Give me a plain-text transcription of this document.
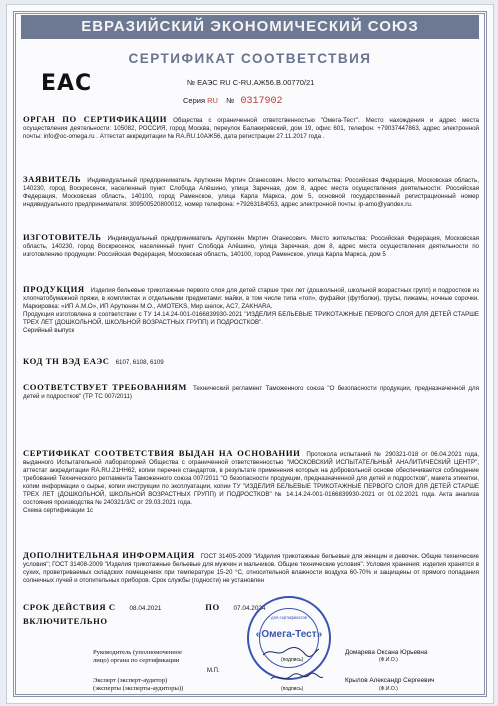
ЕВРАЗИЙСКИЙ ЭКОНОМИЧЕСКИЙ СОЮЗ
СЕРТИФИКАТ СООТВЕТСТВИЯ
EAC	№ ЕАЭС RU C-RU.АЖ56.В.00770/21
Серия RU № 0317902
ОРГАН ПО СЕРТИФИКАЦИИ Общества с ограниченной ответственностью "Омега-Тест". Место нахождения и адрес места осуществления деятельности: 105082, РОССИЯ, город Москва, переулок Балакиревский, дом 19, офис 601, телефон: +79037447863, адрес электронной почты: info@oc-omega.ru . Аттестат аккредитации № RA.RU.10АЖ56, дата регистрации 27.11.2017 года .
ЗАЯВИТЕЛЬ Индивидуальный предприниматель Арутюнян Мкртич Оганесович. Место жительства: Российская Федерация, Московская область, 140230, город Воскресенск, населенный пункт Слобода Алёшино, улица Заречная, дом 8, адрес места осуществления деятельности: Российская Федерация, Московская область, 140100, город Раменское, улица Карла Маркса, дом 5, основной государственный регистрационный номер индивидуального предпринимателя: 309500520800012, номер телефона: +79263184053, адрес электронной почты: ip-amo@yandex.ru.
ИЗГОТОВИТЕЛЬ Индивидуальный предприниматель Арутюнян Мкртич Оганесович. Место жительства: Российская Федерация, Московская область, 140230, город Воскресенск, населенный пункт Слобода Алёшино, улица Заречная, дом 8, адрес места осуществления деятельности по изготовлению продукции: Российская Федерация, Московская область, 140100, город Раменское, улица Карла Маркса, дом 5
ПРОДУКЦИЯ Изделия бельевые трикотажные первого слоя для детей старше трех лет (дошкольной, школьной возрастных групп) и подростков из хлопчатобумажной пряжи, в комплектах и отдельными предметами: майки, в том числе типа «топ», фуфайки (футболки), трусы, пижамы, ночные сорочки. Маркировка: «ИП А.М.О», ИП Арутюнян М.О., AMOTEKS, Мир шелок, AC7, ZAKHARA.
Продукция изготовлена в соответствии с ТУ 14.14.24-001-0166839930-2021 "ИЗДЕЛИЯ БЕЛЬЕВЫЕ ТРИКОТАЖНЫЕ ПЕРВОГО СЛОЯ ДЛЯ ДЕТЕЙ СТАРШЕ ТРЕХ ЛЕТ (ДОШКОЛЬНОЙ, ШКОЛЬНОЙ ВОЗРАСТНЫХ ГРУПП) И ПОДРОСТКОВ".
Серийный выпуск
КОД ТН ВЭД ЕАЭС 6107, 6108, 6109
СООТВЕТСТВУЕТ ТРЕБОВАНИЯМ Технический регламент Таможенного союза "О безопасности продукции, предназначенной для детей и подростков" (ТР ТС 007/2011)
СЕРТИФИКАТ СООТВЕТСТВИЯ ВЫДАН НА ОСНОВАНИИ Протокола испытаний № 290321-018 от 06.04.2021 года, выданного Испытательной лабораторией Общества с ограниченной ответственностью "МОСКОВСКИЙ ИСПЫТАТЕЛЬНЫЙ АНАЛИТИЧЕСКИЙ ЦЕНТР", аттестат аккредитации RA.RU.21НН62, копии перечня стандартов, в результате применения которых на добровольной основе обеспечивается соблюдение требований Технического регламента Таможенного союза 007/2011 "О безопасности продукции, предназначенной для детей и подростков", макета этикетки, копии информации о сырье, копии инструкции по эксплуатации, копии ТУ "ИЗДЕЛИЯ БЕЛЬЕВЫЕ ТРИКОТАЖНЫЕ ПЕРВОГО СЛОЯ ДЛЯ ДЕТЕЙ СТАРШЕ ТРЕХ ЛЕТ (ДОШКОЛЬНОЙ, ШКОЛЬНОЙ ВОЗРАСТНЫХ ГРУПП) И ПОДРОСТКОВ" № 14.14.24-001-0166839930-2021 от 01.02.2021 года. Акта анализа состояния производства № 240321/3/С от 29.03.2021 года.
Схема сертификации 1с
ДОПОЛНИТЕЛЬНАЯ ИНФОРМАЦИЯ ГОСТ 31405-2009 "Изделия трикотажные бельевые для женщин и девочек. Общие технические условия"; ГОСТ 31408-2009 "Изделия трикотажные бельевые для мужчин и мальчиков. Общие технические условия". Условия хранения: изделия хранятся в сухих, проветриваемых складских помещениях при температуре 15-20 °С, относительной влажности воздуха 60-70% и защищены от прямого попадания солнечных лучей и отопительных приборов. Срок службы (годности) не установлен
СРОК ДЕЙСТВИЯ С 08.04.2021	ПО 07.04.2024
ВКЛЮЧИТЕЛЬНО	* для сертификатов *
«Омега-Тест»
Руководитель (уполномоченное
лицо) органа по сертификации	(подпись)
Домарева Оксана Юрьевна
(Ф.И.О.)
М.П.
Эксперт (эксперт-аудитор)
(эксперты (эксперты-аудиторы))	(подпись)
Крылов Александр Сергеевич
(Ф.И.О.)
